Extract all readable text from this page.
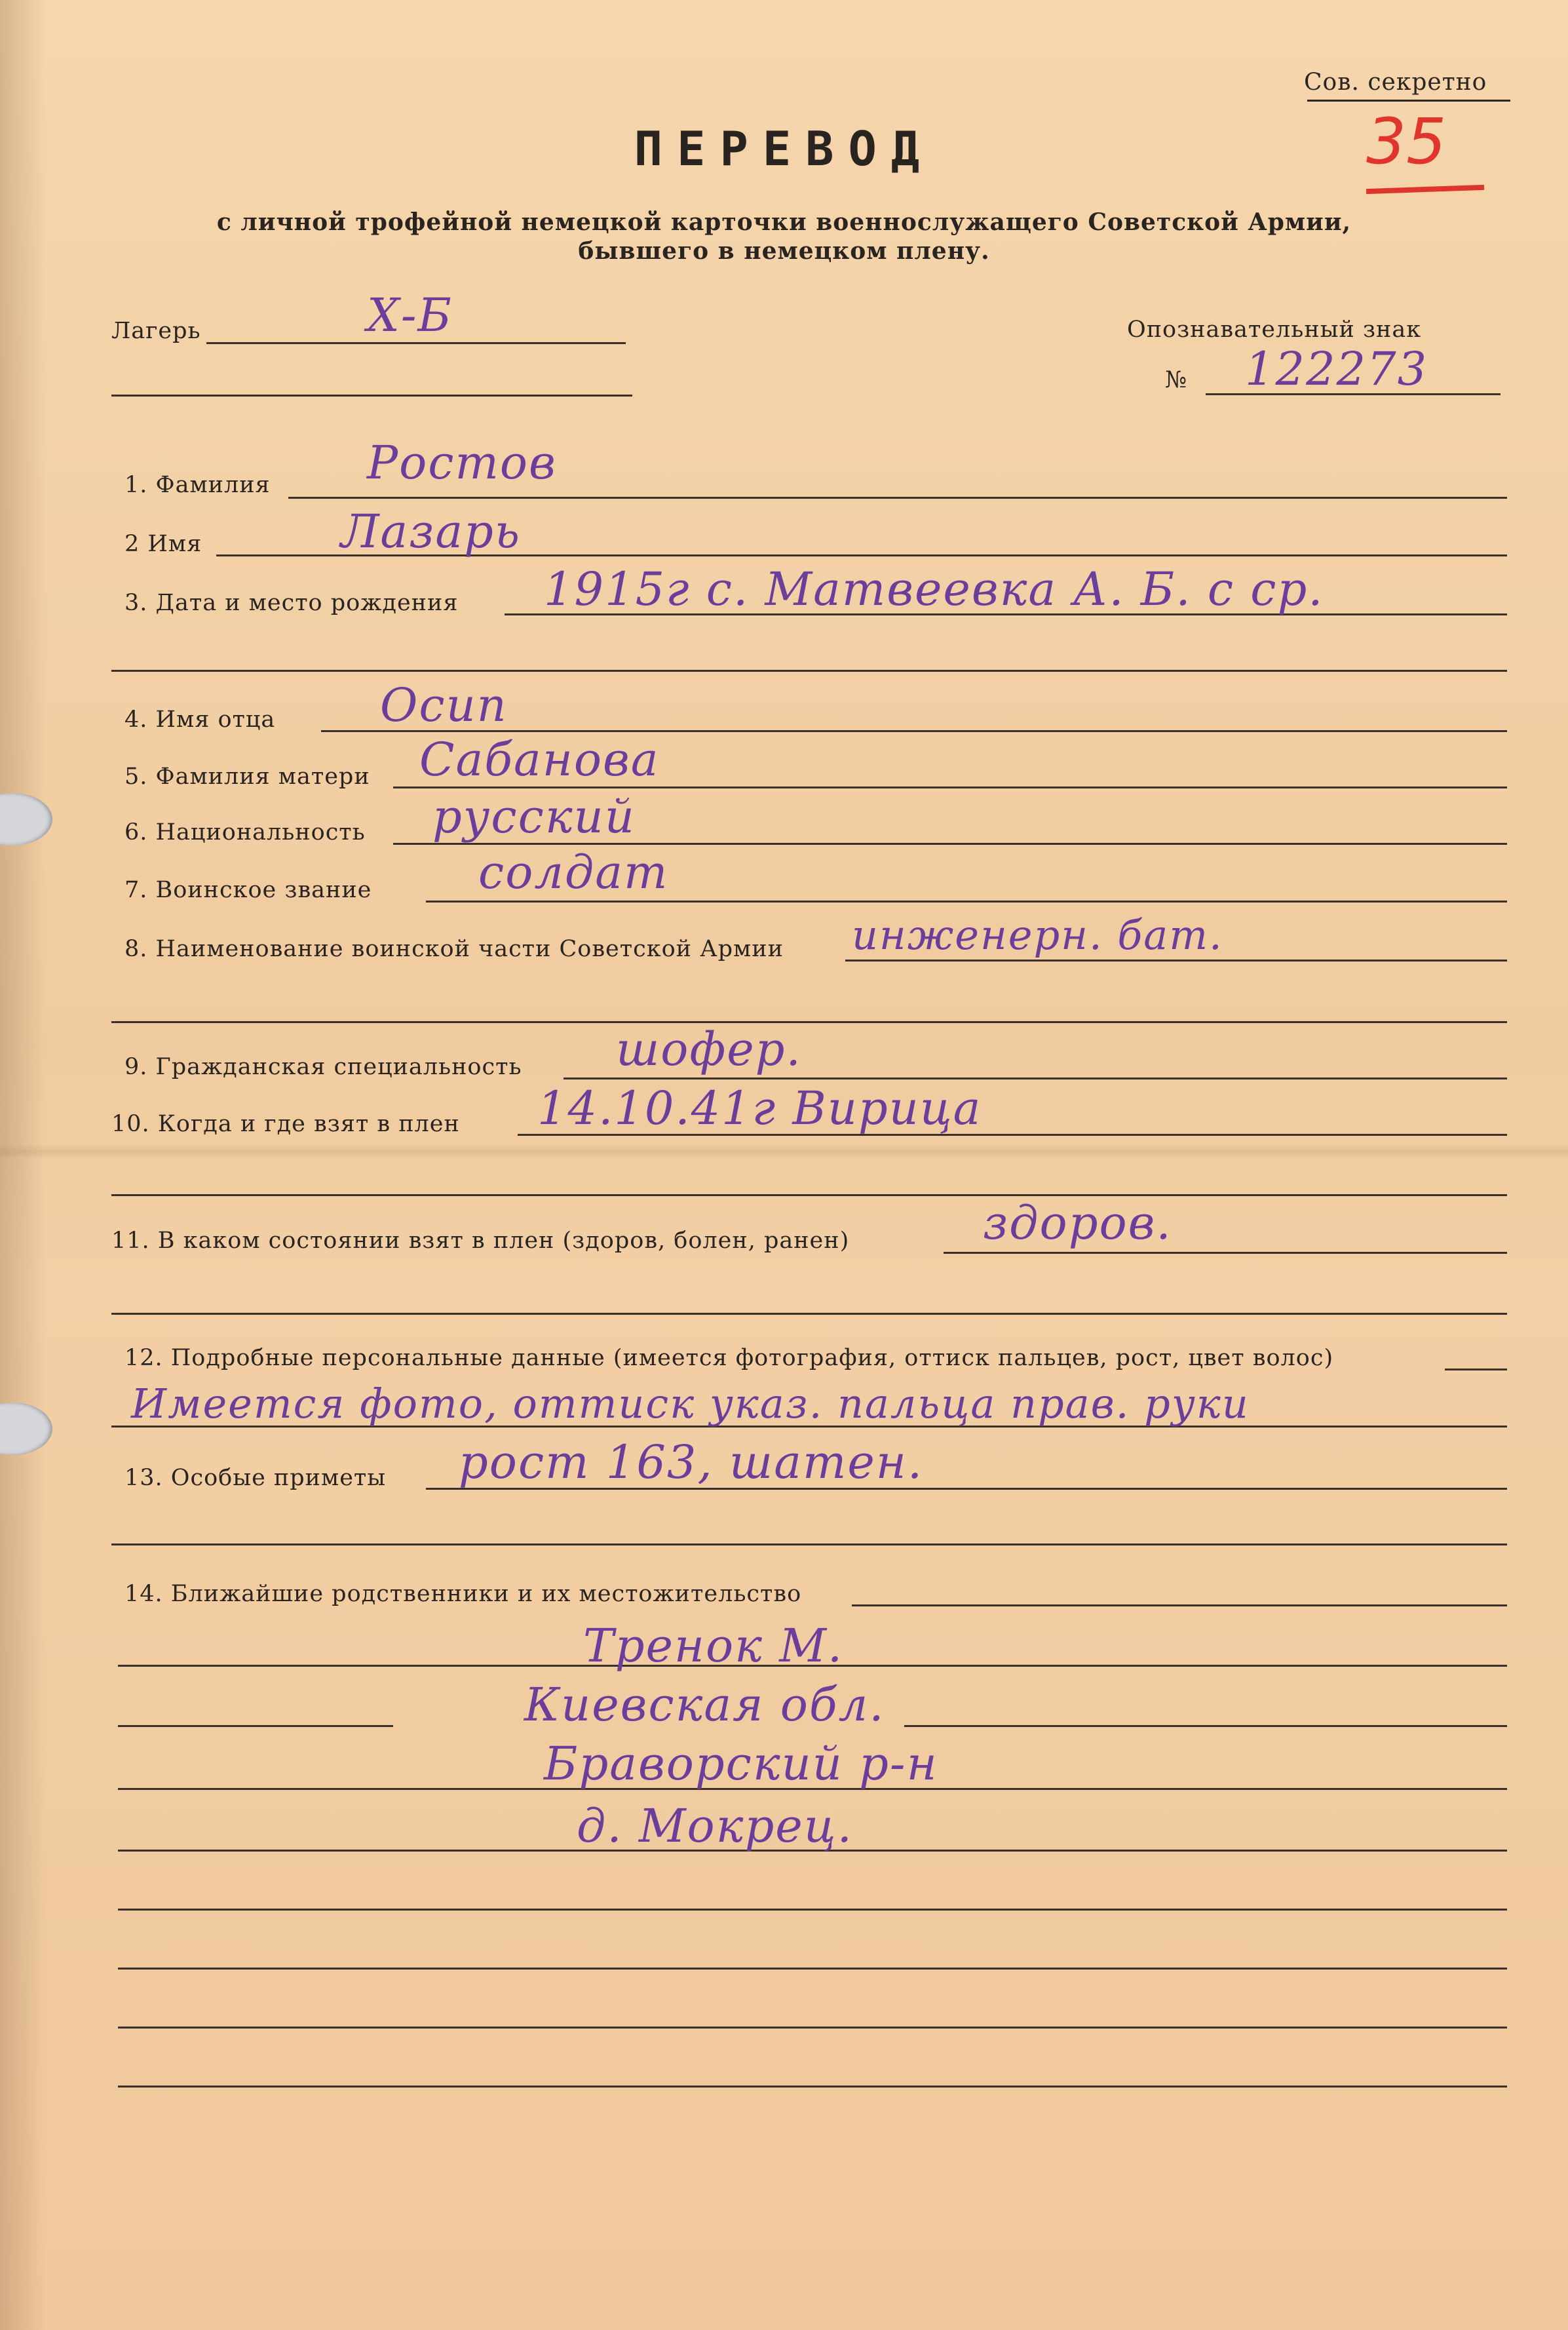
Сов. секретно
35
ПЕРЕВОД
с личной трофейной немецкой карточки военнослужащего Советской Армии,
бывшего в немецком плену.
Лагерь	Х-Б	Опознавательный знак
№ 122273
1. Фамилия Ростов
2 Имя	Лазарь
3. Дата и место рождения 1915г с. Матвеевка А. Б. с ср.
4. Имя отца Осип
5. Фамилия матери Сабанова
6. Национальность русский
7. Воинское звание солдат
8. Наименование воинской части Советской Армии инженерн. бат.
9. Гражданская специальность шофер.
10. Когда и где взят в плен 14.10.41г Вирица
11. В каком состоянии взят в плен (здоров, болен, ранен)	здоров.
12. Подробные персональные данные (имеется фотография, оттиск пальцев, рост, цвет волос)
Имеется фото, оттиск указ. пальца прав. руки
13. Особые приметы рост 163, шатен.
14. Ближайшие родственники и их местожительство
Тренок М.
Киевская обл.
Браворский р-н
д. Мокрец.
